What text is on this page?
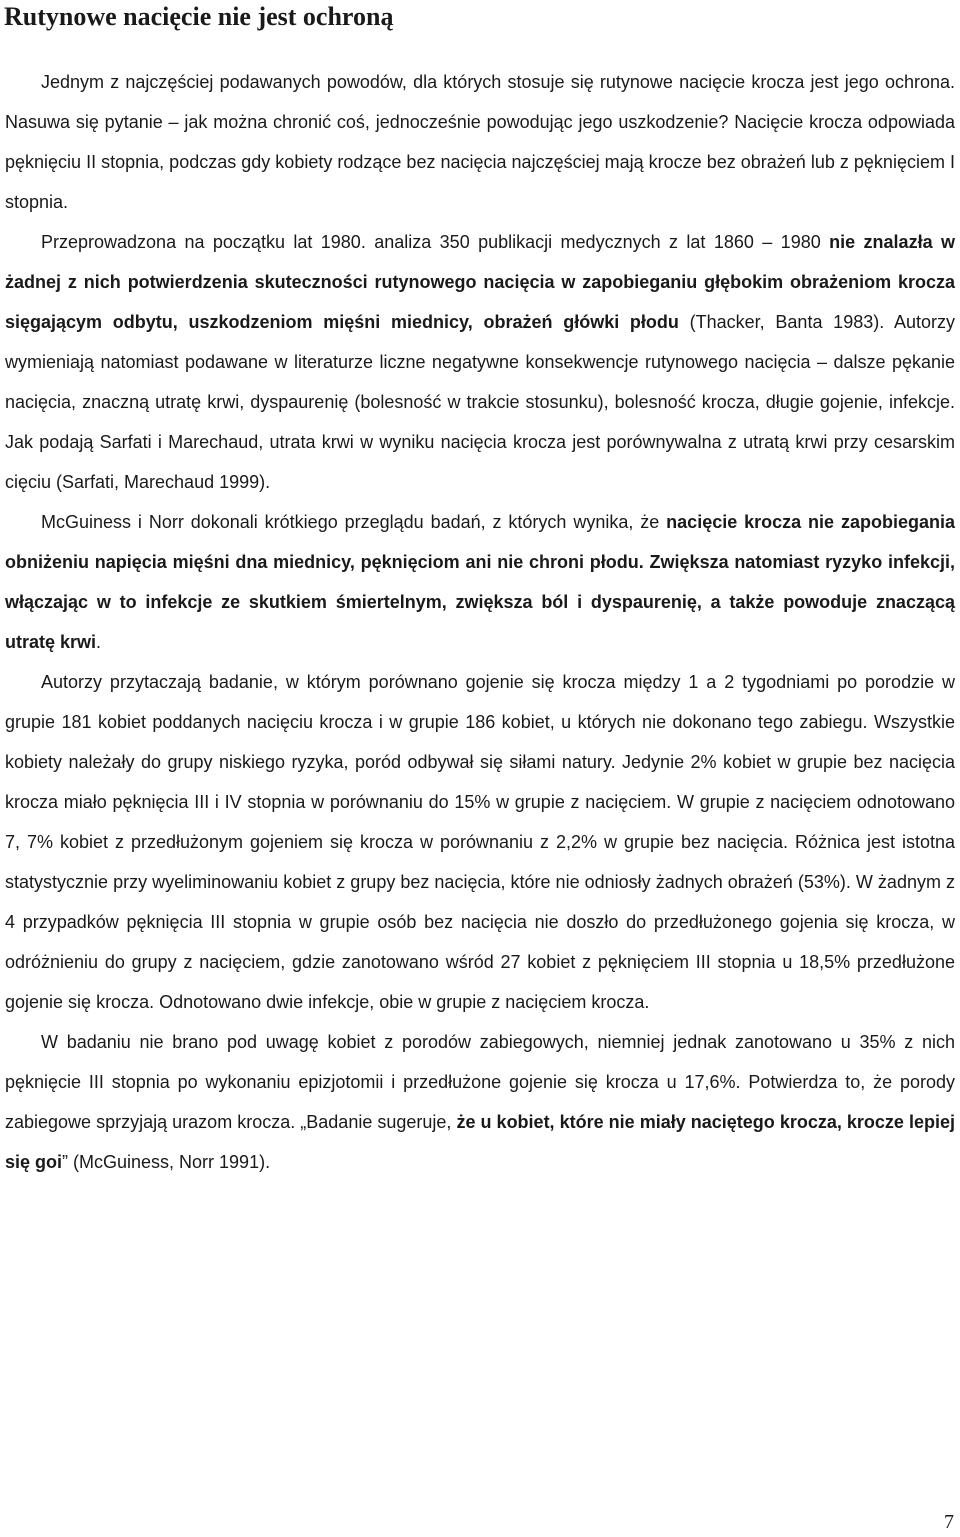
Rutynowe nacięcie nie jest ochroną

Jednym z najczęściej podawanych powodów, dla których stosuje się rutynowe nacięcie krocza jest jego ochrona. Nasuwa się pytanie – jak można chronić coś, jednocześnie powodując jego uszkodzenie? Nacięcie krocza odpowiada pęknięciu II stopnia, podczas gdy kobiety rodzące bez nacięcia najczęściej mają krocze bez obrażeń lub z pęknięciem I stopnia.

Przeprowadzona na początku lat 1980. analiza 350 publikacji medycznych z lat 1860 – 1980 nie znalazła w żadnej z nich potwierdzenia skuteczności rutynowego nacięcia w zapobieganiu głębokim obrażeniom krocza sięgającym odbytu, uszkodzeniom mięśni miednicy, obrażeń główki płodu (Thacker, Banta 1983). Autorzy wymieniają natomiast podawane w literaturze liczne negatywne konsekwencje rutynowego nacięcia – dalsze pękanie nacięcia, znaczną utratę krwi, dyspaurenię (bolesność w trakcie stosunku), bolesność krocza, długie gojenie, infekcje. Jak podają Sarfati i Marechaud, utrata krwi w wyniku nacięcia krocza jest porównywalna z utratą krwi przy cesarskim cięciu (Sarfati, Marechaud 1999).

McGuiness i Norr dokonali krótkiego przeglądu badań, z których wynika, że nacięcie krocza nie zapobiegania obniżeniu napięcia mięśni dna miednicy, pęknięciom ani nie chroni płodu. Zwiększa natomiast ryzyko infekcji, włączając w to infekcje ze skutkiem śmiertelnym, zwiększa ból i dyspaurenię, a także powoduje znaczącą utratę krwi.

Autorzy przytaczają badanie, w którym porównano gojenie się krocza między 1 a 2 tygodniami po porodzie w grupie 181 kobiet poddanych nacięciu krocza i w grupie 186 kobiet, u których nie dokonano tego zabiegu. Wszystkie kobiety należały do grupy niskiego ryzyka, poród odbywał się siłami natury. Jedynie 2% kobiet w grupie bez nacięcia krocza miało pęknięcia III i IV stopnia w porównaniu do 15% w grupie z nacięciem. W grupie z nacięciem odnotowano 7, 7% kobiet z przedłużonym gojeniem się krocza w porównaniu z 2,2% w grupie bez nacięcia. Różnica jest istotna statystycznie przy wyeliminowaniu kobiet z grupy bez nacięcia, które nie odniosły żadnych obrażeń (53%). W żadnym z 4 przypadków pęknięcia III stopnia w grupie osób bez nacięcia nie doszło do przedłużonego gojenia się krocza, w odróżnieniu do grupy z nacięciem, gdzie zanotowano wśród 27 kobiet z pęknięciem III stopnia u 18,5% przedłużone gojenie się krocza. Odnotowano dwie infekcje, obie w grupie z nacięciem krocza.

W badaniu nie brano pod uwagę kobiet z porodów zabiegowych, niemniej jednak zanotowano u 35% z nich pęknięcie III stopnia po wykonaniu epizjotomii i przedłużone gojenie się krocza u 17,6%. Potwierdza to, że porody zabiegowe sprzyjają urazom krocza. „Badanie sugeruje, że u kobiet, które nie miały naciętego krocza, krocze lepiej się goi” (McGuiness, Norr 1991).

7
